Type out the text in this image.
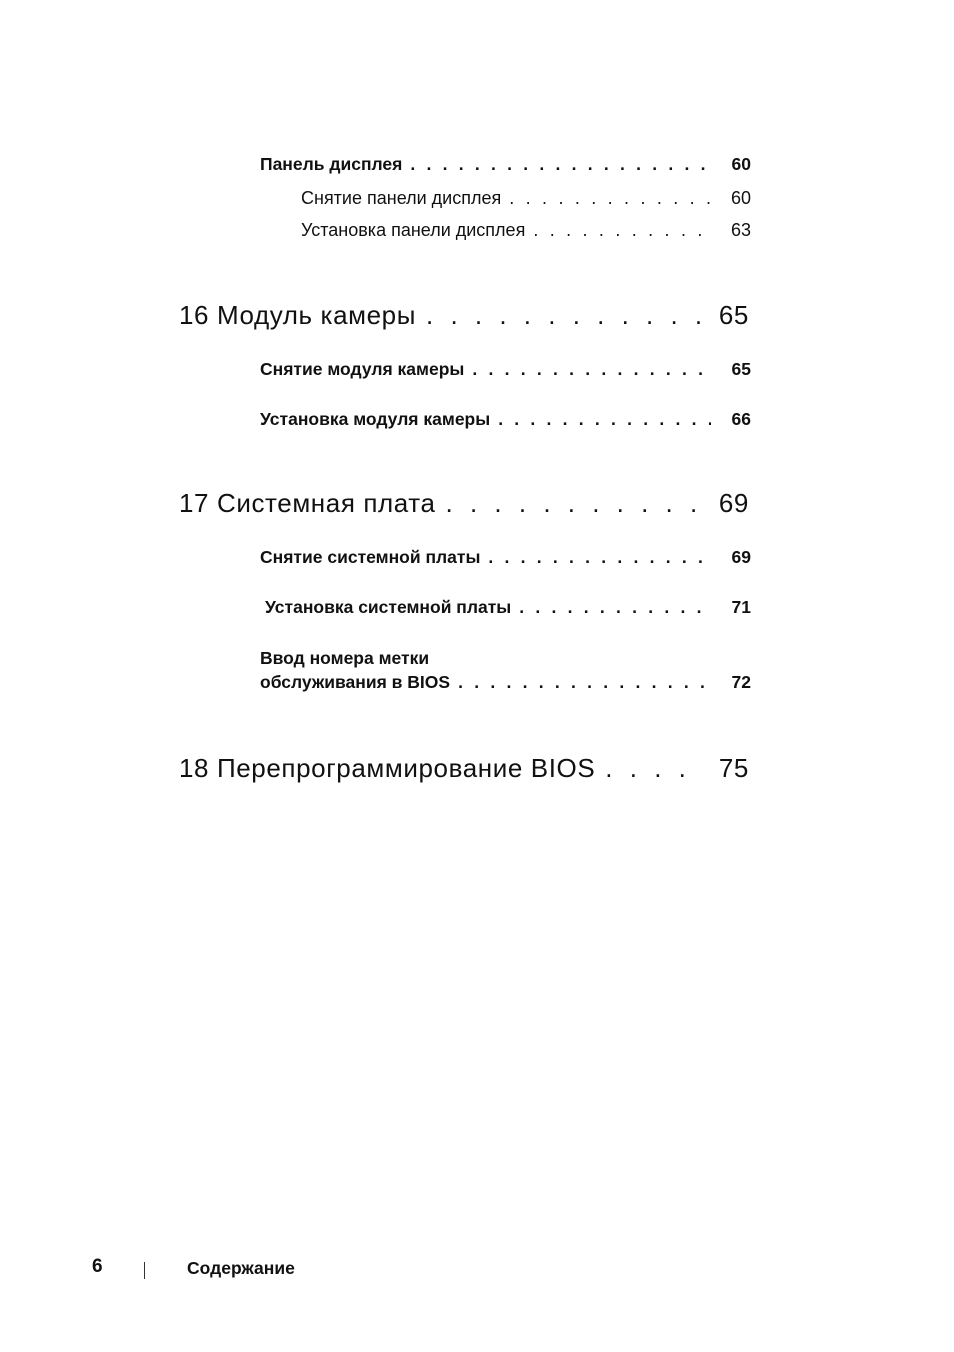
Панель дисплея . . .	60
Снятие панели дисплея . . .	60
Установка панели дисплея . . .	63
16 Модуль камеры . . .	65
Снятие модуля камеры . . .	65
Установка модуля камеры . . .	66
17 Системная плата . . .	69
Снятие системной платы . . .	69
Установка системной платы . . .	71
Ввод номера метки
обслуживания в BIOS . . .	72
18 Перепрограммирование BIOS . . .	75
6	Содержание
